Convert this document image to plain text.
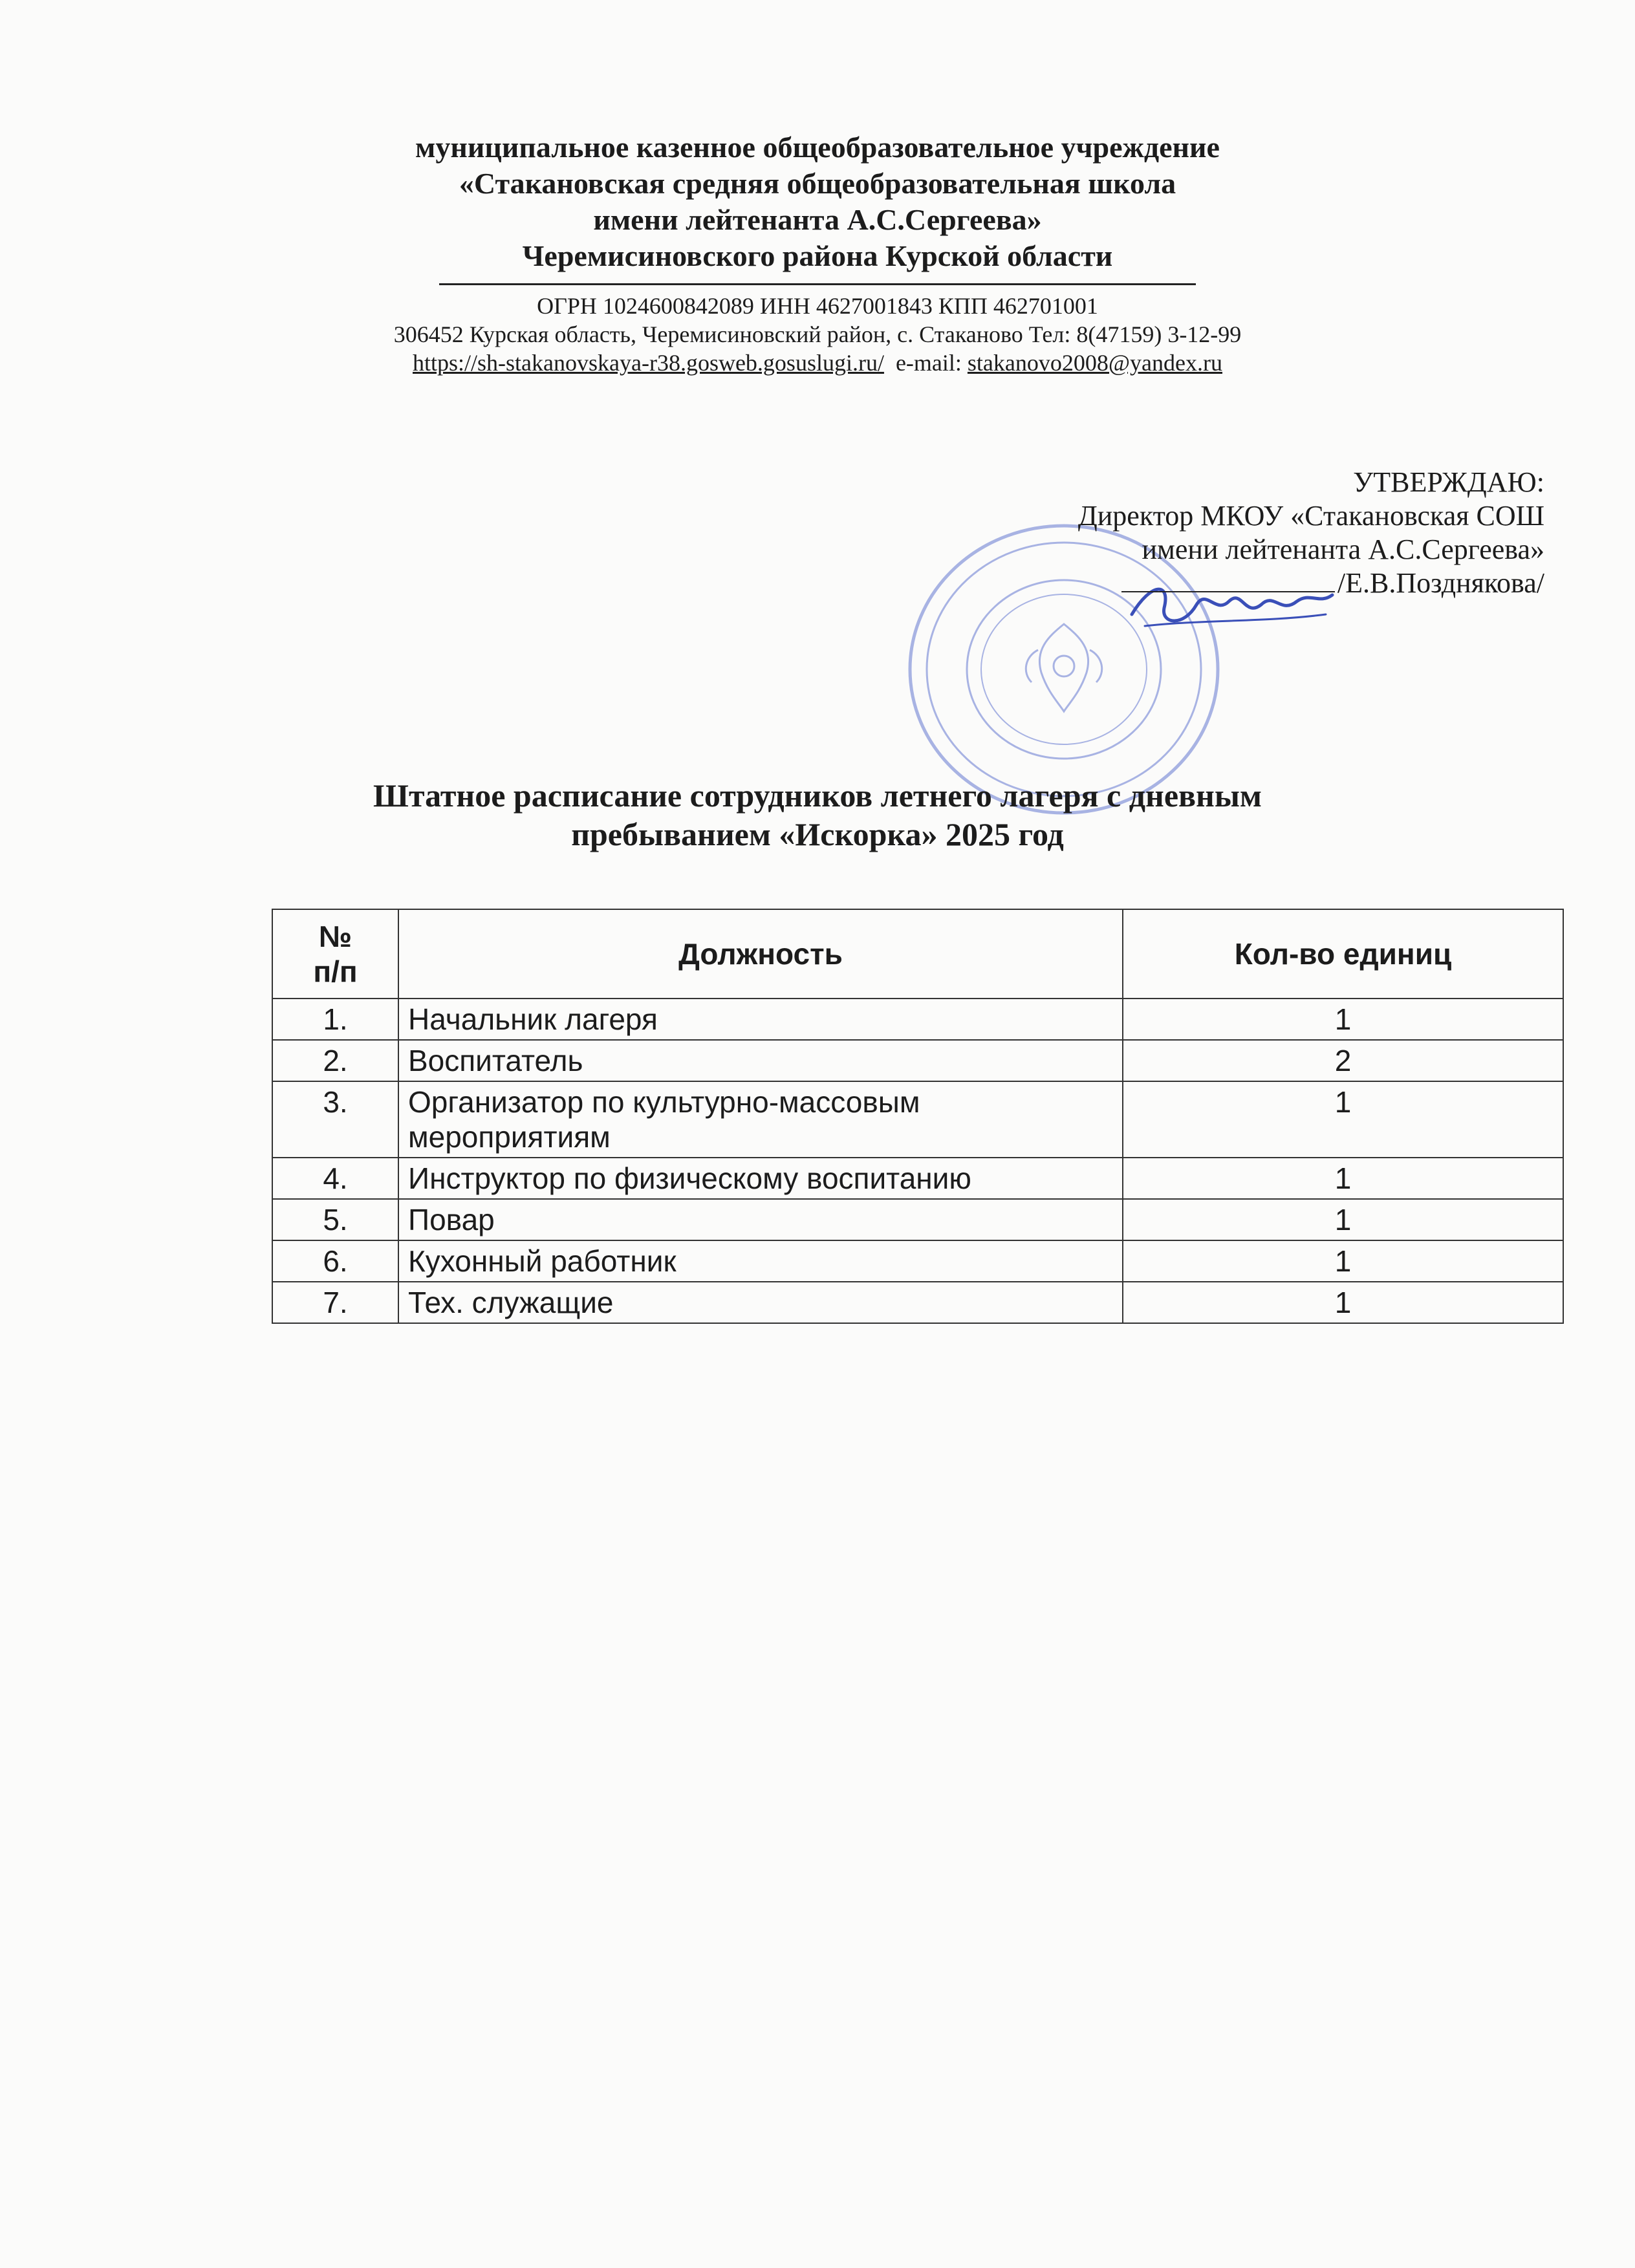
муниципальное казенное общеобразовательное учреждение

«Стакановская средняя общеобразовательная школа

имени лейтенанта А.С.Сергеева»

Черемисиновского района Курской области

ОГРН 1024600842089 ИНН 4627001843 КПП 462701001
306452 Курская область, Черемисиновский район, с. Стаканово Тел: 8(47159) 3-12-99
https://sh-stakanovskaya-r38.gosweb.gosuslugi.ru/ e-mail: stakanovo2008@yandex.ru
УТВЕРЖДАЮ:
Директор МКОУ «Стакановская СОШ
имени лейтенанта А.С.Сергеева»
/Е.В.Позднякова/
Штатное расписание сотрудников летнего лагеря с дневным
пребыванием «Искорка» 2025 год
№
п/п	Должность	Кол-во единиц
1.	Начальник лагеря	1
2.	Воспитатель	2
3.	Организатор по культурно-массовым мероприятиям	1
4.	Инструктор по физическому воспитанию	1
5.	Повар	1
6.	Кухонный работник	1
7.	Тех. служащие	1
